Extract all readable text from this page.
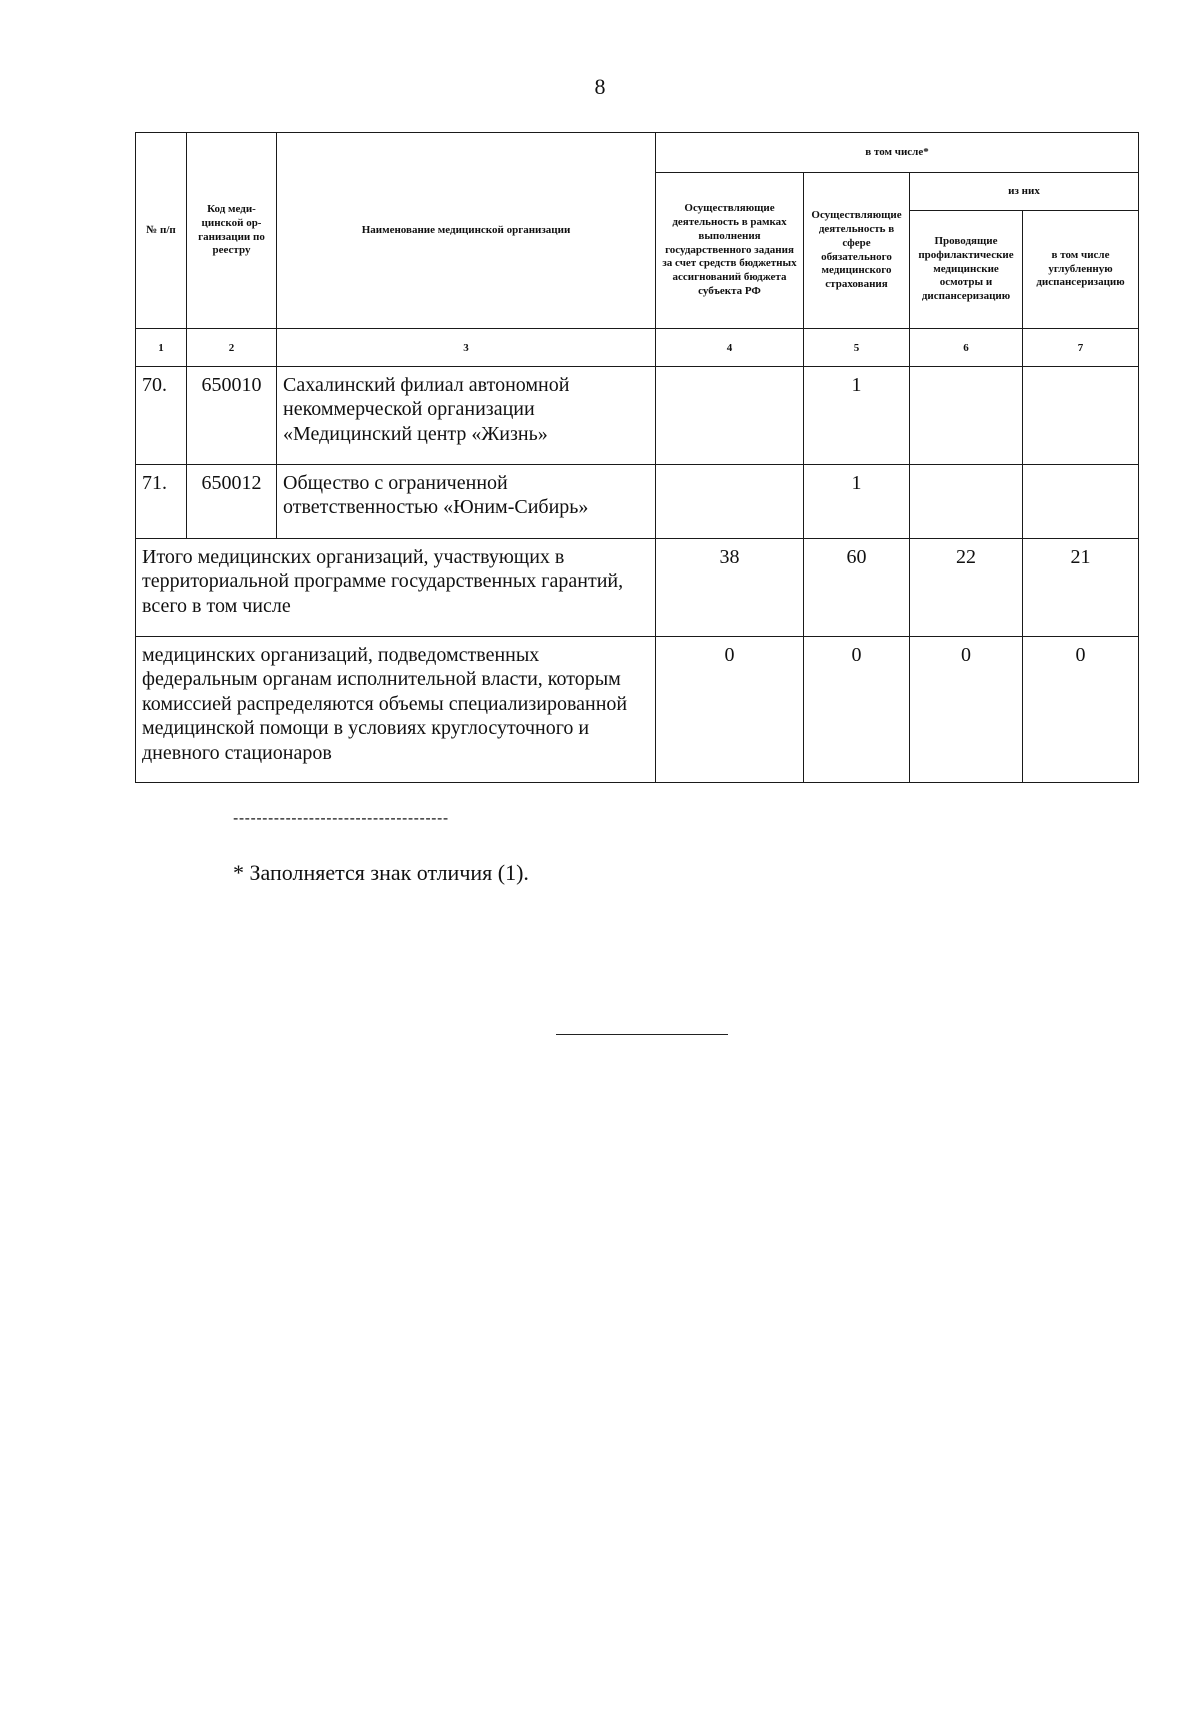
8
№ п/п	Код меди-цинской ор-ганизации по реестру	Наименование медицинской организации	в том числе*			
			Осуществляющие деятельность в рамках выполнения государственного задания за счет средств бюджетных ассигнований бюджета субъекта РФ	Осуществляющие деятельность в сфере обязательного медицинского страхования	из них	
					Проводящие профилактические медицинские осмотры и диспансеризацию	в том числе углубленную диспансеризацию
1	2	3	4	5	6	7
70.	650010	Сахалинский филиал автономной некоммерческой организации «Медицинский центр «Жизнь»		1		
71.	650012	Общество с ограниченной ответственностью «Юним-Сибирь»		1		
Итого медицинских организаций, участвующих в территориальной программе государственных гарантий, всего в том числе			38	60	22	21
медицинских организаций, подведомственных федеральным органам исполнительной власти, которым комиссией распределяются объемы специализированной медицинской помощи в условиях круглосуточного и дневного стационаров			0	0	0	0
-------------------------------------
* Заполняется знак отличия (1).
